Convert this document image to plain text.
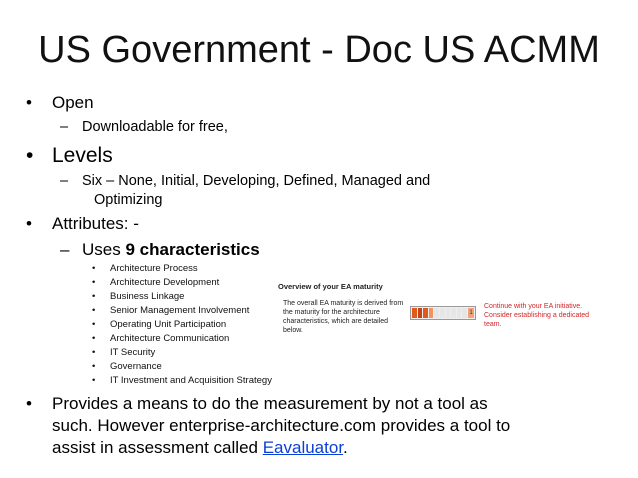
US Government - Doc US ACMM
• Open
– Downloadable for free,
• Levels
– Six – None, Initial, Developing, Defined, Managed and
Optimizing
• Attributes: -
– Uses 9 characteristics
• Architecture Process
• Architecture Development
• Business Linkage
• Senior Management Involvement
• Operating Unit Participation
• Architecture Communication
• IT Security
• Governance
• IT Investment and Acquisition Strategy
Overview of your EA maturity
The overall EA maturity is derived from the maturity for the architecture characteristics, which are detailed below.
1
Continue with your EA initiative. Consider establishing a dedicated team.
• Provides a means to do the measurement by not a tool as
such. However enterprise-architecture.com provides a tool to
assist in assessment called Eavaluator.
